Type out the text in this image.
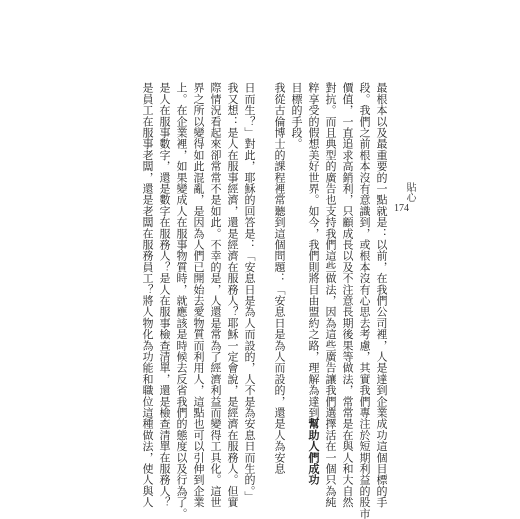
貼心
174
最根本以及最重要的一點就是：以前，在我們公司裡，人是達到企業成功這個目標的手
段。我們之前根本沒有意識到，或根本沒有心思去考慮，其實我們專注於短期利益的股市
價值，一直追求高銷利，只顧成長以及不注意長期後果等做法，常常是在與人和大自然
對抗。而且典型的廣告也支持我們這些做法，因為這些廣告讓我們選擇活在一個只為純
粹享受的假想美好世界。如今，我們則將目由盟約之路，理解為達到幫助人們成功
目標的手段。
我從古倫博士的課程裡常聽到這個問題：「安息日是為人而設的，還是人為安息
日而生？」對此，耶穌的回答是：「安息日是為人而設的，人不是為安息日而生的。」
我又想：是人在服事經濟，還是經濟在服務人？耶穌一定會說，是經濟在服務人。但實
際情況看起來卻常常不是如此。不幸的是，人還是常為了經濟利益而變得工具化。這世
界之所以變得如此混亂，是因為人們已開始去愛物質而利用人，這點也可以引伸到企業
上。在企業裡，如果變成人在服事物質時，就應該是時候去反省我們的態度以及行為了。
是人在服事數字，還是數字在服務人？是人在服事檢查清單，還是檢查清單在服務人？
是員工在服事老闆，還是老闆在服務員工？將人物化為功能和職位這種做法，使人與人
